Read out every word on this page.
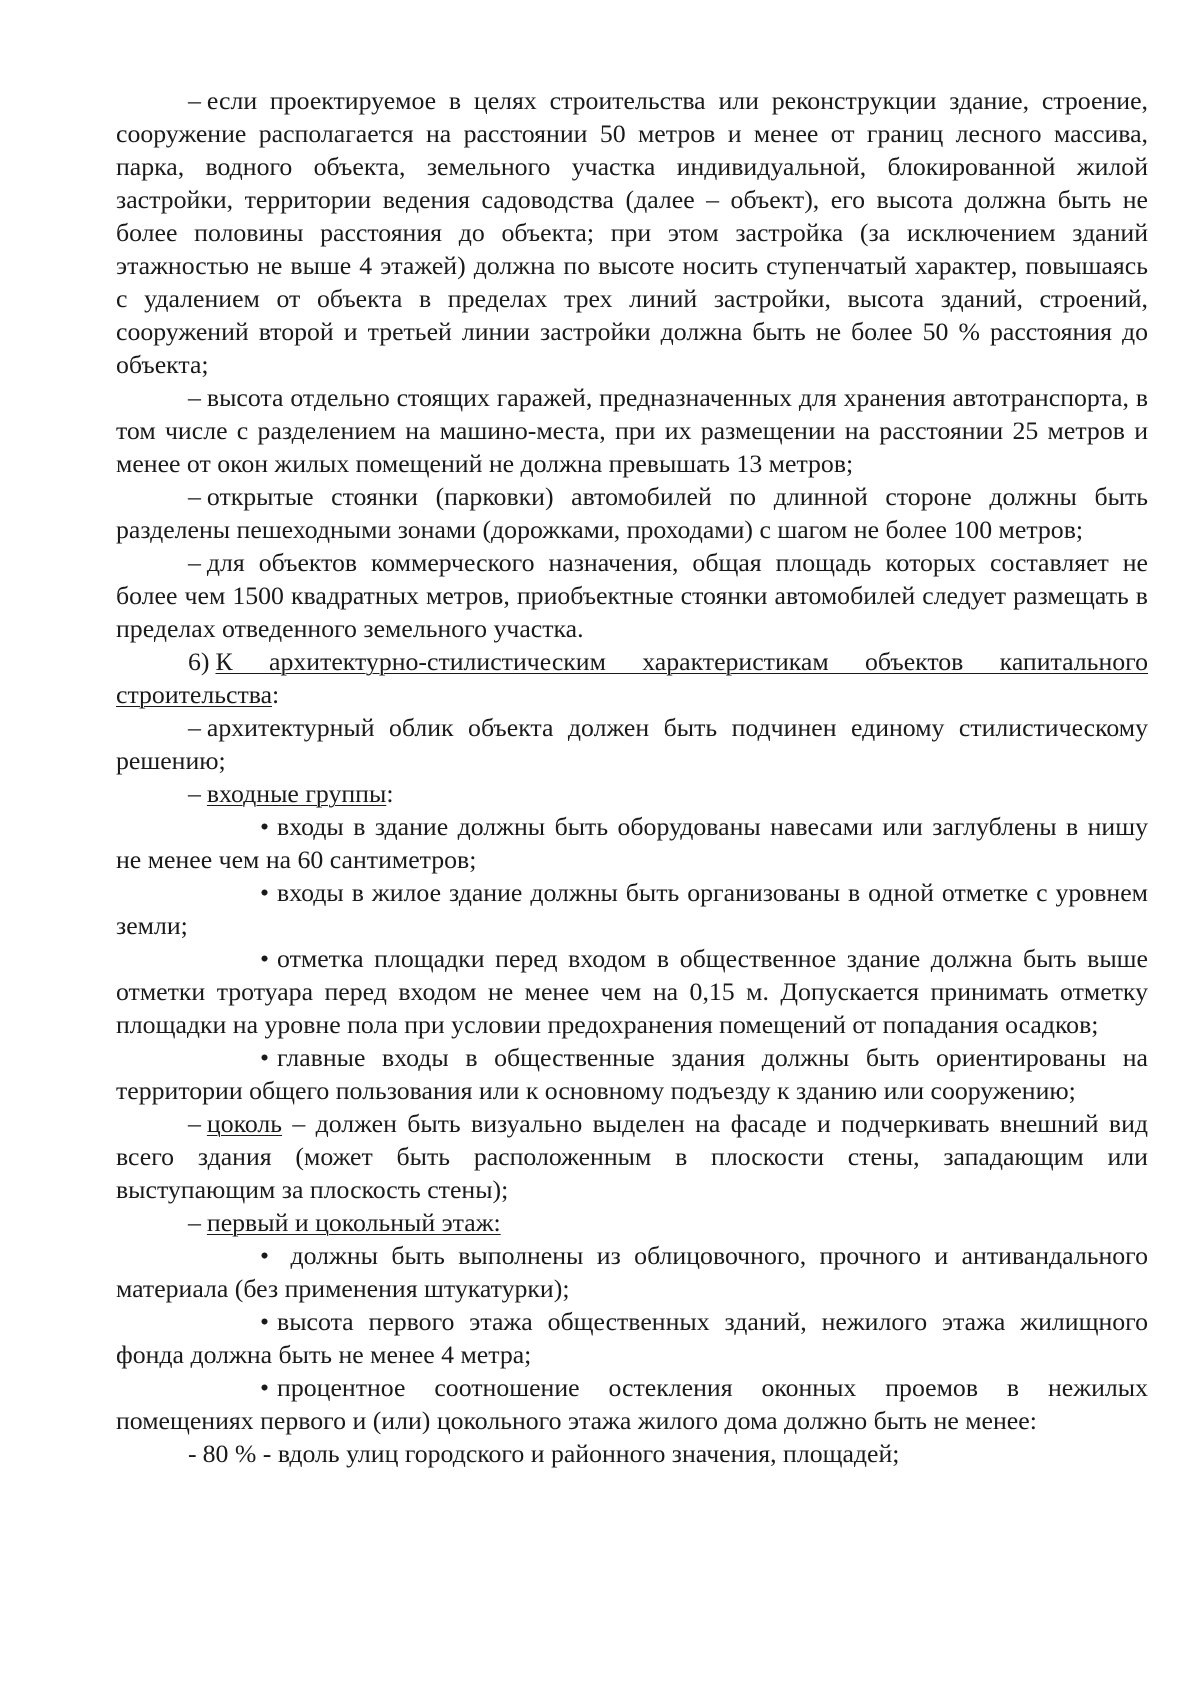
– если проектируемое в целях строительства или реконструкции здание, строение, сооружение располагается на расстоянии 50 метров и менее от границ лесного массива, парка, водного объекта, земельного участка индивидуальной, блокированной жилой застройки, территории ведения садоводства (далее – объект), его высота должна быть не более половины расстояния до объекта; при этом застройка (за исключением зданий этажностью не выше 4 этажей) должна по высоте носить ступенчатый характер, повышаясь с удалением от объекта в пределах трех линий застройки, высота зданий, строений, сооружений второй и третьей линии застройки должна быть не более 50 % расстояния до объекта;

– высота отдельно стоящих гаражей, предназначенных для хранения автотранспорта, в том числе с разделением на машино-места, при их размещении на расстоянии 25 метров и менее от окон жилых помещений не должна превышать 13 метров;

– открытые стоянки (парковки) автомобилей по длинной стороне должны быть разделены пешеходными зонами (дорожками, проходами) с шагом не более 100 метров;

– для объектов коммерческого назначения, общая площадь которых составляет не более чем 1500 квадратных метров, приобъектные стоянки автомобилей следует размещать в пределах отведенного земельного участка.

6) К архитектурно-стилистическим характеристикам объектов капитального строительства:

– архитектурный облик объекта должен быть подчинен единому стилистическому решению;

– входные группы:

• входы в здание должны быть оборудованы навесами или заглублены в нишу не менее чем на 60 сантиметров;

• входы в жилое здание должны быть организованы в одной отметке с уровнем земли;

• отметка площадки перед входом в общественное здание должна быть выше отметки тротуара перед входом не менее чем на 0,15 м. Допускается принимать отметку площадки на уровне пола при условии предохранения помещений от попадания осадков;

• главные входы в общественные здания должны быть ориентированы на территории общего пользования или к основному подъезду к зданию или сооружению;

– цоколь – должен быть визуально выделен на фасаде и подчеркивать внешний вид всего здания (может быть расположенным в плоскости стены, западающим или выступающим за плоскость стены);

– первый и цокольный этаж:

• должны быть выполнены из облицовочного, прочного и антивандального материала (без применения штукатурки);

• высота первого этажа общественных зданий, нежилого этажа жилищного фонда должна быть не менее 4 метра;

• процентное соотношение остекления оконных проемов в нежилых помещениях первого и (или) цокольного этажа жилого дома должно быть не менее:

- 80 % - вдоль улиц городского и районного значения, площадей;
